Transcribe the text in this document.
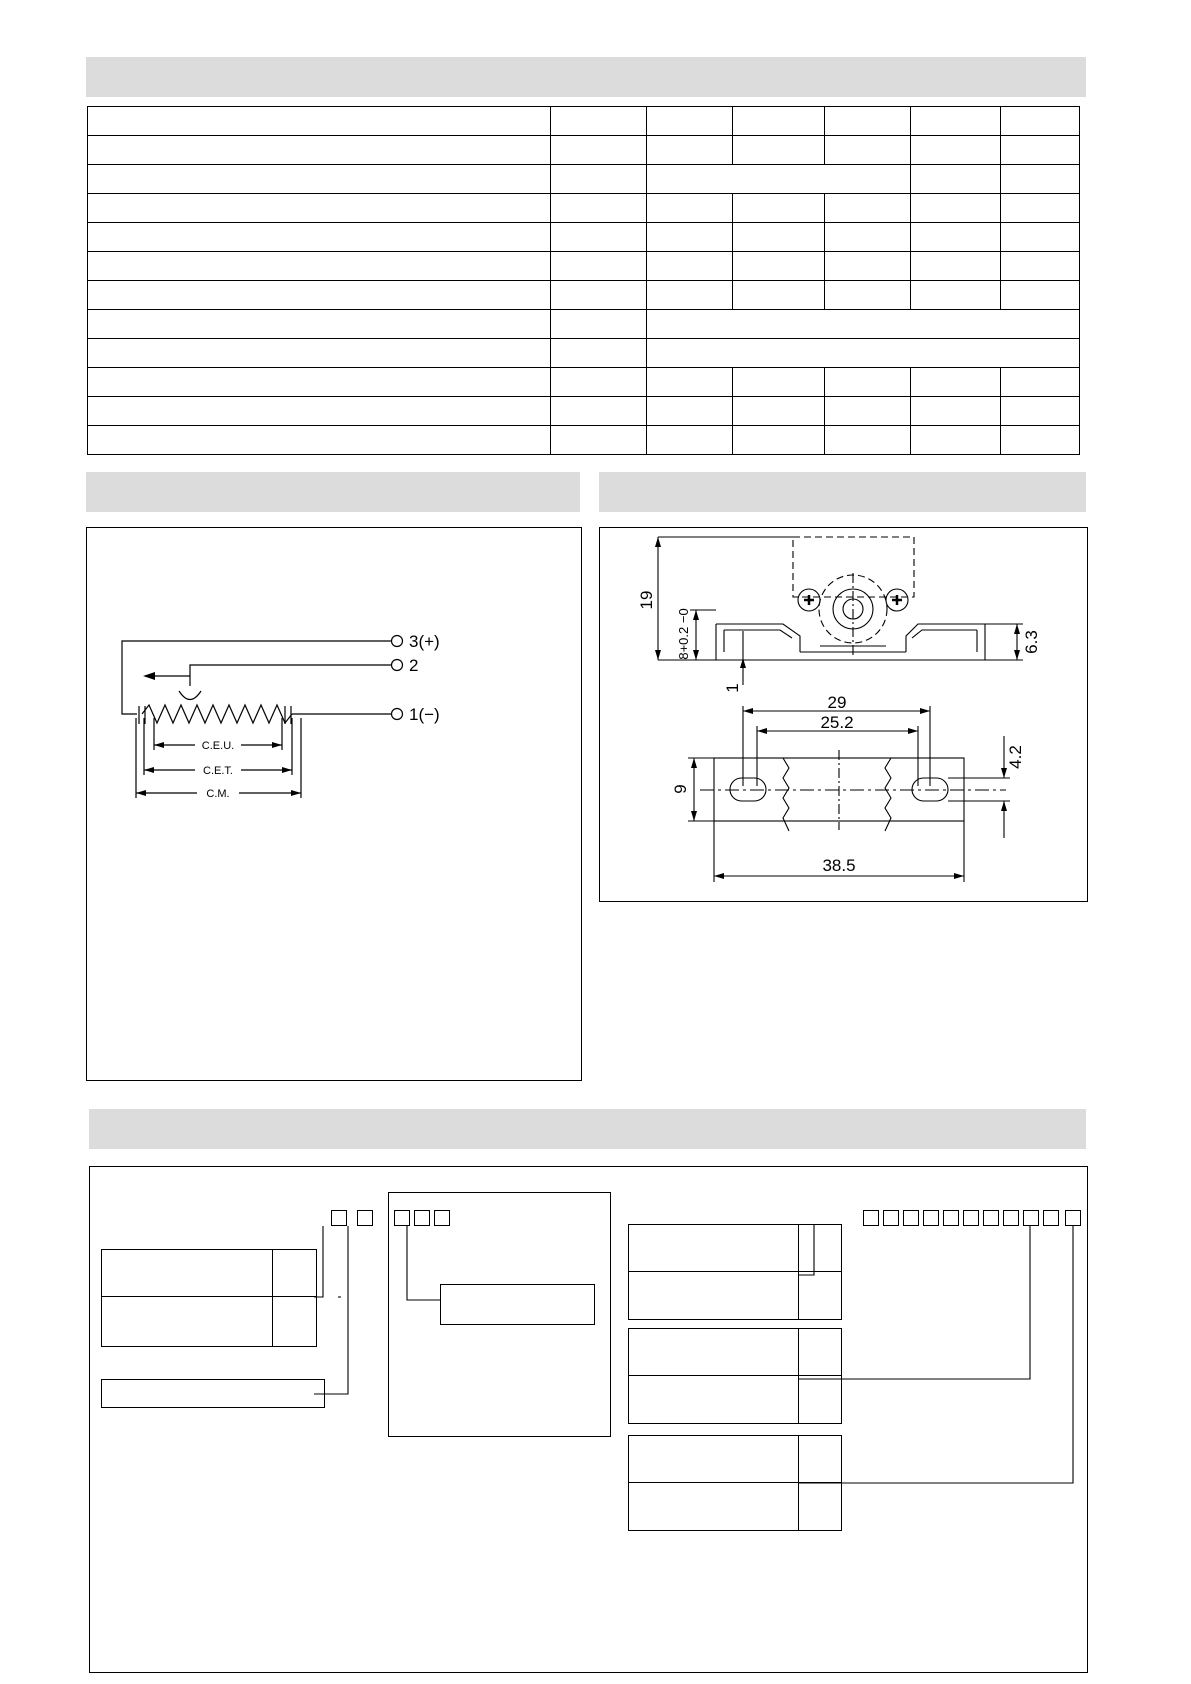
3(+)
2
1(−)
C.E.U.
C.E.T.
C.M.
19
8+0.2 −0	6.3
1
29
25.2
4.2
9
38.5
